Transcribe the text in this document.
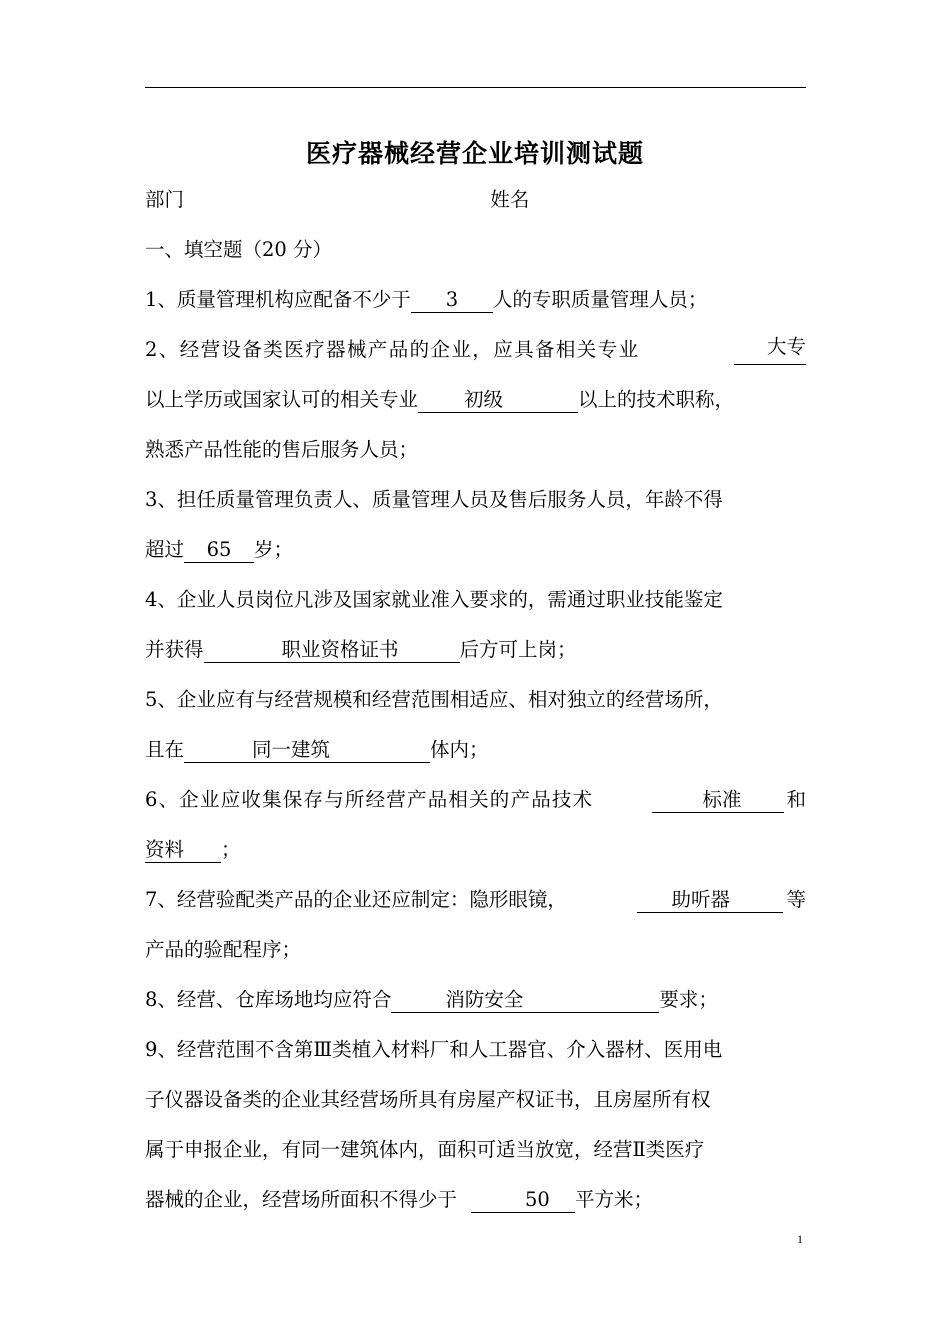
医疗器械经营企业培训测试题
部门	姓名
一、填空题（20 分）
1、质量管理机构应配备不少于 3 人的专职质量管理人员；
2、经营设备类医疗器械产品的企业，应具备相关专业	大专
以上学历或国家认可的相关专业 初级	以上的技术职称，
熟悉产品性能的售后服务人员；
3、担任质量管理负责人、质量管理人员及售后服务人员，年龄不得
超过 65 岁；
4、企业人员岗位凡涉及国家就业准入要求的，需通过职业技能鉴定
并获得	职业资格证书	后方可上岗；
5、企业应有与经营规模和经营范围相适应、相对独立的经营场所，
且在	同一建筑	体内；
6、企业应收集保存与所经营产品相关的产品技术	标准 和
资料 ；
7、经营验配类产品的企业还应制定：隐形眼镜，	助听器	等
产品的验配程序；
8、经营、仓库场地均应符合	消防安全	要求；
9、经营范围不含第Ⅲ类植入材料厂和人工器官、介入器材、医用电
子仪器设备类的企业其经营场所具有房屋产权证书，且房屋所有权
属于申报企业，有同一建筑体内，面积可适当放宽，经营Ⅱ类医疗
器械的企业，经营场所面积不得少于	50 平方米；
1
